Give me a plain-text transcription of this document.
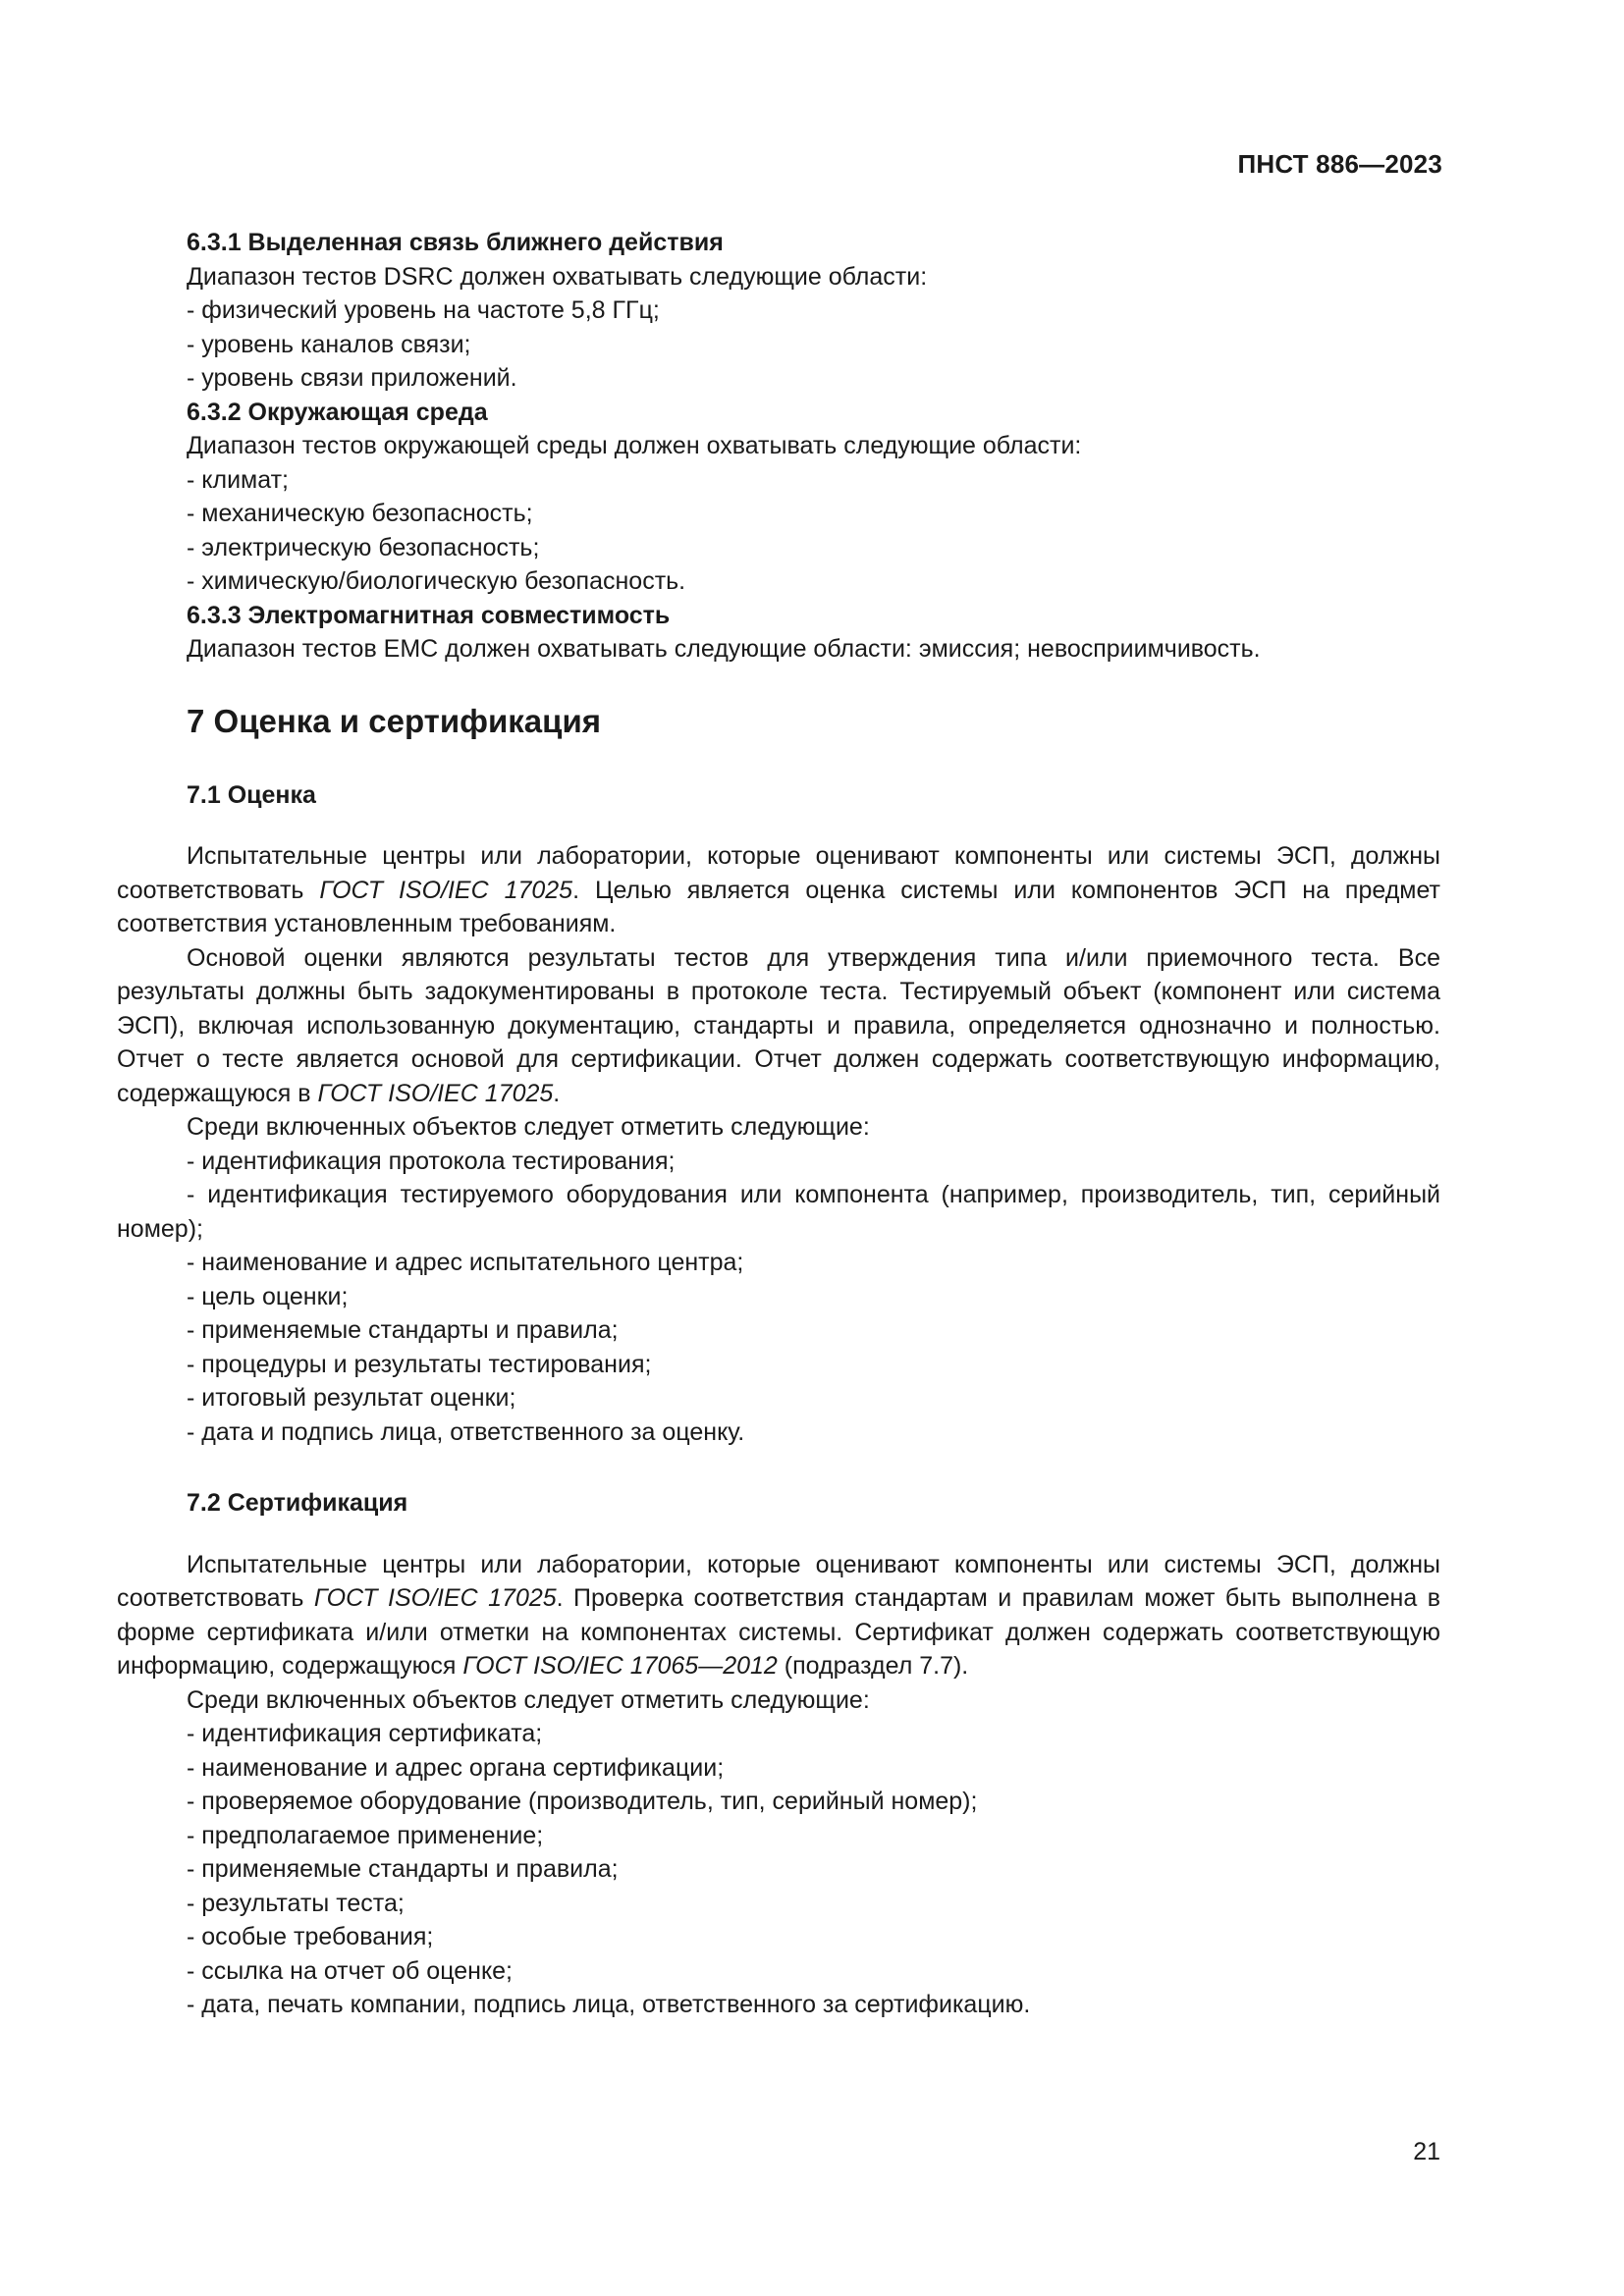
ПНСТ 886—2023
6.3.1 Выделенная связь ближнего действия

Диапазон тестов DSRC должен охватывать следующие области:

- физический уровень на частоте 5,8 ГГц;

- уровень каналов связи;

- уровень связи приложений.

6.3.2 Окружающая среда

Диапазон тестов окружающей среды должен охватывать следующие области:

- климат;

- механическую безопасность;

- электрическую безопасность;

- химическую/биологическую безопасность.

6.3.3 Электромагнитная совместимость

Диапазон тестов EMC должен охватывать следующие области: эмиссия; невосприимчивость.

7 Оценка и сертификация
7.1 Оценка

Испытательные центры или лаборатории, которые оценивают компоненты или системы ЭСП, должны соответствовать ГОСТ ISO/IEC 17025. Целью является оценка системы или компонентов ЭСП на предмет соответствия установленным требованиям.

Основой оценки являются результаты тестов для утверждения типа и/или приемочного теста. Все результаты должны быть задокументированы в протоколе теста. Тестируемый объект (компонент или система ЭСП), включая использованную документацию, стандарты и правила, определяется однозначно и полностью. Отчет о тесте является основой для сертификации. Отчет должен содержать соответствующую информацию, содержащуюся в ГОСТ ISO/IEC 17025.

Среди включенных объектов следует отметить следующие:

- идентификация протокола тестирования;

- идентификация тестируемого оборудования или компонента (например, производитель, тип, серийный номер);

- наименование и адрес испытательного центра;

- цель оценки;

- применяемые стандарты и правила;

- процедуры и результаты тестирования;

- итоговый результат оценки;

- дата и подпись лица, ответственного за оценку.

7.2 Сертификация

Испытательные центры или лаборатории, которые оценивают компоненты или системы ЭСП, должны соответствовать ГОСТ ISO/IEC 17025. Проверка соответствия стандартам и правилам может быть выполнена в форме сертификата и/или отметки на компонентах системы. Сертификат должен содержать соответствующую информацию, содержащуюся ГОСТ ISO/IEC 17065—2012 (подраздел 7.7).

Среди включенных объектов следует отметить следующие:

- идентификация сертификата;

- наименование и адрес органа сертификации;

- проверяемое оборудование (производитель, тип, серийный номер);

- предполагаемое применение;

- применяемые стандарты и правила;

- результаты теста;

- особые требования;

- ссылка на отчет об оценке;

- дата, печать компании, подпись лица, ответственного за сертификацию.

21
